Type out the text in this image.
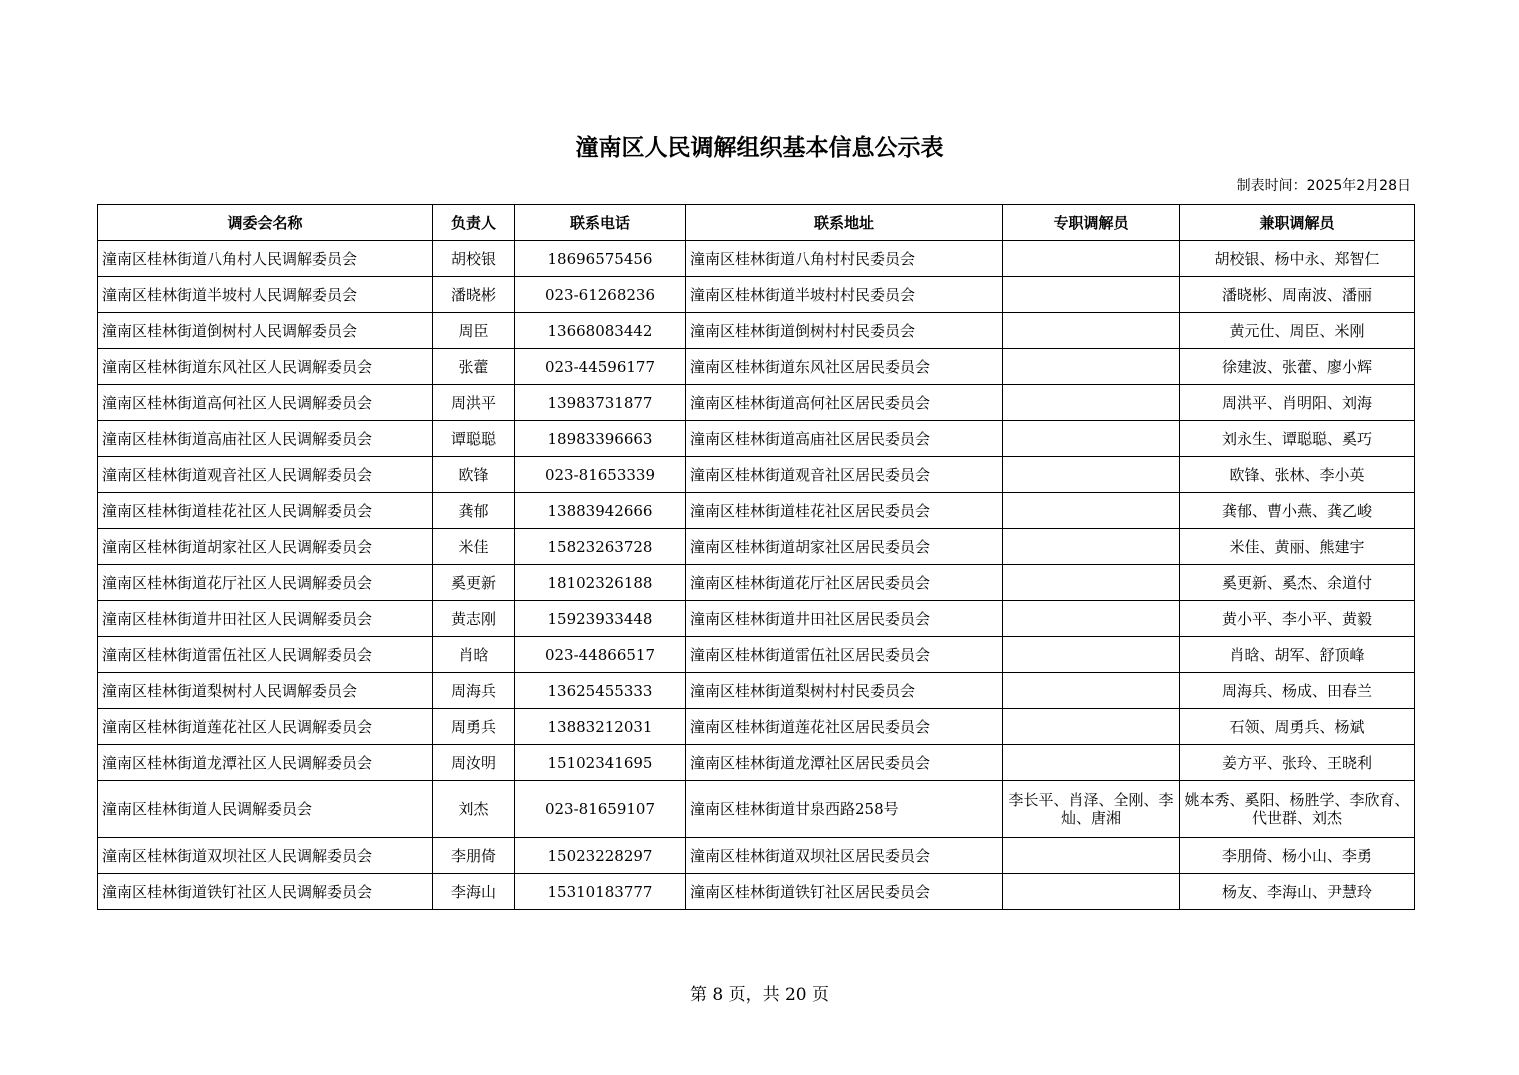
潼南区人民调解组织基本信息公示表
制表时间：2025年2月28日
调委会名称	负责人	联系电话	联系地址	专职调解员	兼职调解员
潼南区桂林街道八角村人民调解委员会	胡校银	18696575456	潼南区桂林街道八角村村民委员会		胡校银、杨中永、郑智仁
潼南区桂林街道半坡村人民调解委员会	潘晓彬	023-61268236	潼南区桂林街道半坡村村民委员会		潘晓彬、周南波、潘丽
潼南区桂林街道倒树村人民调解委员会	周臣	13668083442	潼南区桂林街道倒树村村民委员会		黄元仕、周臣、米刚
潼南区桂林街道东风社区人民调解委员会	张藿	023-44596177	潼南区桂林街道东风社区居民委员会		徐建波、张藿、廖小辉
潼南区桂林街道高何社区人民调解委员会	周洪平	13983731877	潼南区桂林街道高何社区居民委员会		周洪平、肖明阳、刘海
潼南区桂林街道高庙社区人民调解委员会	谭聪聪	18983396663	潼南区桂林街道高庙社区居民委员会		刘永生、谭聪聪、奚巧
潼南区桂林街道观音社区人民调解委员会	欧锋	023-81653339	潼南区桂林街道观音社区居民委员会		欧锋、张林、李小英
潼南区桂林街道桂花社区人民调解委员会	龚郁	13883942666	潼南区桂林街道桂花社区居民委员会		龚郁、曹小燕、龚乙峻
潼南区桂林街道胡家社区人民调解委员会	米佳	15823263728	潼南区桂林街道胡家社区居民委员会		米佳、黄丽、熊建宇
潼南区桂林街道花厅社区人民调解委员会	奚更新	18102326188	潼南区桂林街道花厅社区居民委员会		奚更新、奚杰、余道付
潼南区桂林街道井田社区人民调解委员会	黄志刚	15923933448	潼南区桂林街道井田社区居民委员会		黄小平、李小平、黄毅
潼南区桂林街道雷伍社区人民调解委员会	肖晗	023-44866517	潼南区桂林街道雷伍社区居民委员会		肖晗、胡军、舒顶峰
潼南区桂林街道梨树村人民调解委员会	周海兵	13625455333	潼南区桂林街道梨树村村民委员会		周海兵、杨成、田春兰
潼南区桂林街道莲花社区人民调解委员会	周勇兵	13883212031	潼南区桂林街道莲花社区居民委员会		石领、周勇兵、杨斌
潼南区桂林街道龙潭社区人民调解委员会	周汝明	15102341695	潼南区桂林街道龙潭社区居民委员会		姜方平、张玲、王晓利
潼南区桂林街道人民调解委员会	刘杰	023-81659107	潼南区桂林街道甘泉西路258号	李长平、肖泽、全刚、李灿、唐湘	姚本秀、奚阳、杨胜学、李欣育、代世群、刘杰
潼南区桂林街道双坝社区人民调解委员会	李朋倚	15023228297	潼南区桂林街道双坝社区居民委员会		李朋倚、杨小山、李勇
潼南区桂林街道铁钉社区人民调解委员会	李海山	15310183777	潼南区桂林街道铁钉社区居民委员会		杨友、李海山、尹慧玲
第 8 页，共 20 页
